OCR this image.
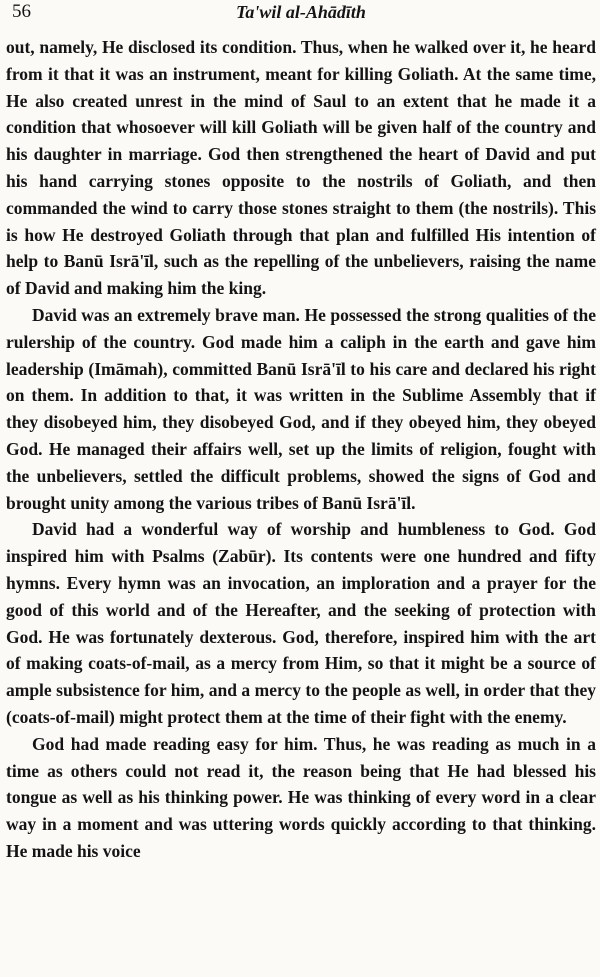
56	Ta'wil al-Ahādīth

out, namely, He disclosed its condition. Thus, when he walked over it, he heard from it that it was an instrument, meant for killing Goliath. At the same time, He also created unrest in the mind of Saul to an extent that he made it a condition that whosoever will kill Goliath will be given half of the country and his daughter in marriage. God then strengthened the heart of David and put his hand carrying stones opposite to the nostrils of Goliath, and then commanded the wind to carry those stones straight to them (the nostrils). This is how He destroyed Goliath through that plan and fulfilled His intention of help to Banū Isrā'īl, such as the repelling of the unbelievers, raising the name of David and making him the king.

David was an extremely brave man. He possessed the strong qualities of the rulership of the country. God made him a caliph in the earth and gave him leadership (Imāmah), committed Banū Isrā'īl to his care and declared his right on them. In addition to that, it was written in the Sublime Assembly that if they disobeyed him, they disobeyed God, and if they obeyed him, they obeyed God. He managed their affairs well, set up the limits of religion, fought with the unbelievers, settled the difficult problems, showed the signs of God and brought unity among the various tribes of Banū Isrā'īl.

David had a wonderful way of worship and humbleness to God. God inspired him with Psalms (Zabūr). Its contents were one hundred and fifty hymns. Every hymn was an invocation, an imploration and a prayer for the good of this world and of the Hereafter, and the seeking of protection with God. He was fortunately dexterous. God, therefore, inspired him with the art of making coats-of-mail, as a mercy from Him, so that it might be a source of ample subsistence for him, and a mercy to the people as well, in order that they (coats-of-mail) might protect them at the time of their fight with the enemy.

God had made reading easy for him. Thus, he was reading as much in a time as others could not read it, the reason being that He had blessed his tongue as well as his thinking power. He was thinking of every word in a clear way in a moment and was uttering words quickly according to that thinking. He made his voice
